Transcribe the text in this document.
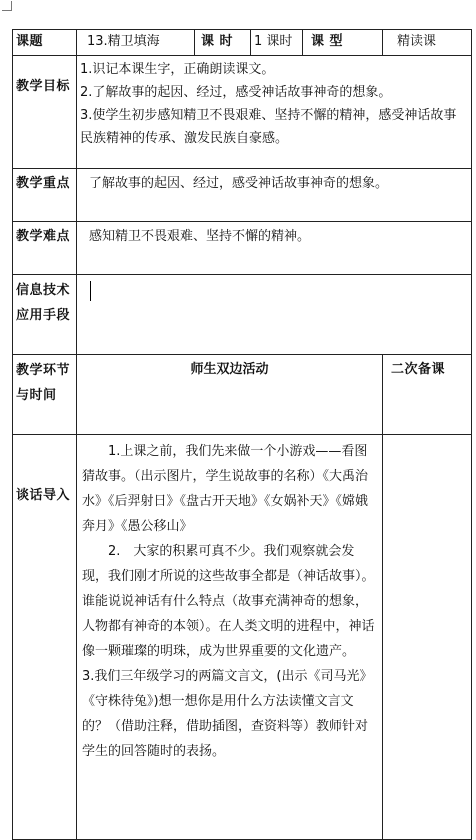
课题	13.精卫填海	课 时	1 课时	课 型	精读课
教学目标	1.识记本课生字，正确朗读课文。
2.了解故事的起因、经过，感受神话故事神奇的想象。
3.使学生初步感知精卫不畏艰难、坚持不懈的精神，感受神话故事民族精神的传承、激发民族自豪感。				

教学重点	了解故事的起因、经过，感受神话故事神奇的想象。				
教学难点	感知精卫不畏艰难、坚持不懈的精神。				
信息技术应用手段					
教学环节与时间	师生双边活动				二次备课
谈话导入	1.上课之前，我们先来做一个小游戏——看图猜故事。（出示图片，学生说故事的名称）《大禹治水》《后羿射日》《盘古开天地》《女娲补天》《嫦娥奔月》《愚公移山》
2.　大家的积累可真不少。我们观察就会发现，我们刚才所说的这些故事全都是（神话故事）。谁能说说神话有什么特点（故事充满神奇的想象，人物都有神奇的本领）。在人类文明的进程中，神话像一颗璀璨的明珠，成为世界重要的文化遗产。
3.我们三年级学习的两篇文言文，(出示《司马光》《守株待兔》)想一想你是用什么方法读懂文言文的？（借助注释，借助插图，查资料等）教师针对学生的回答随时的表扬。				
